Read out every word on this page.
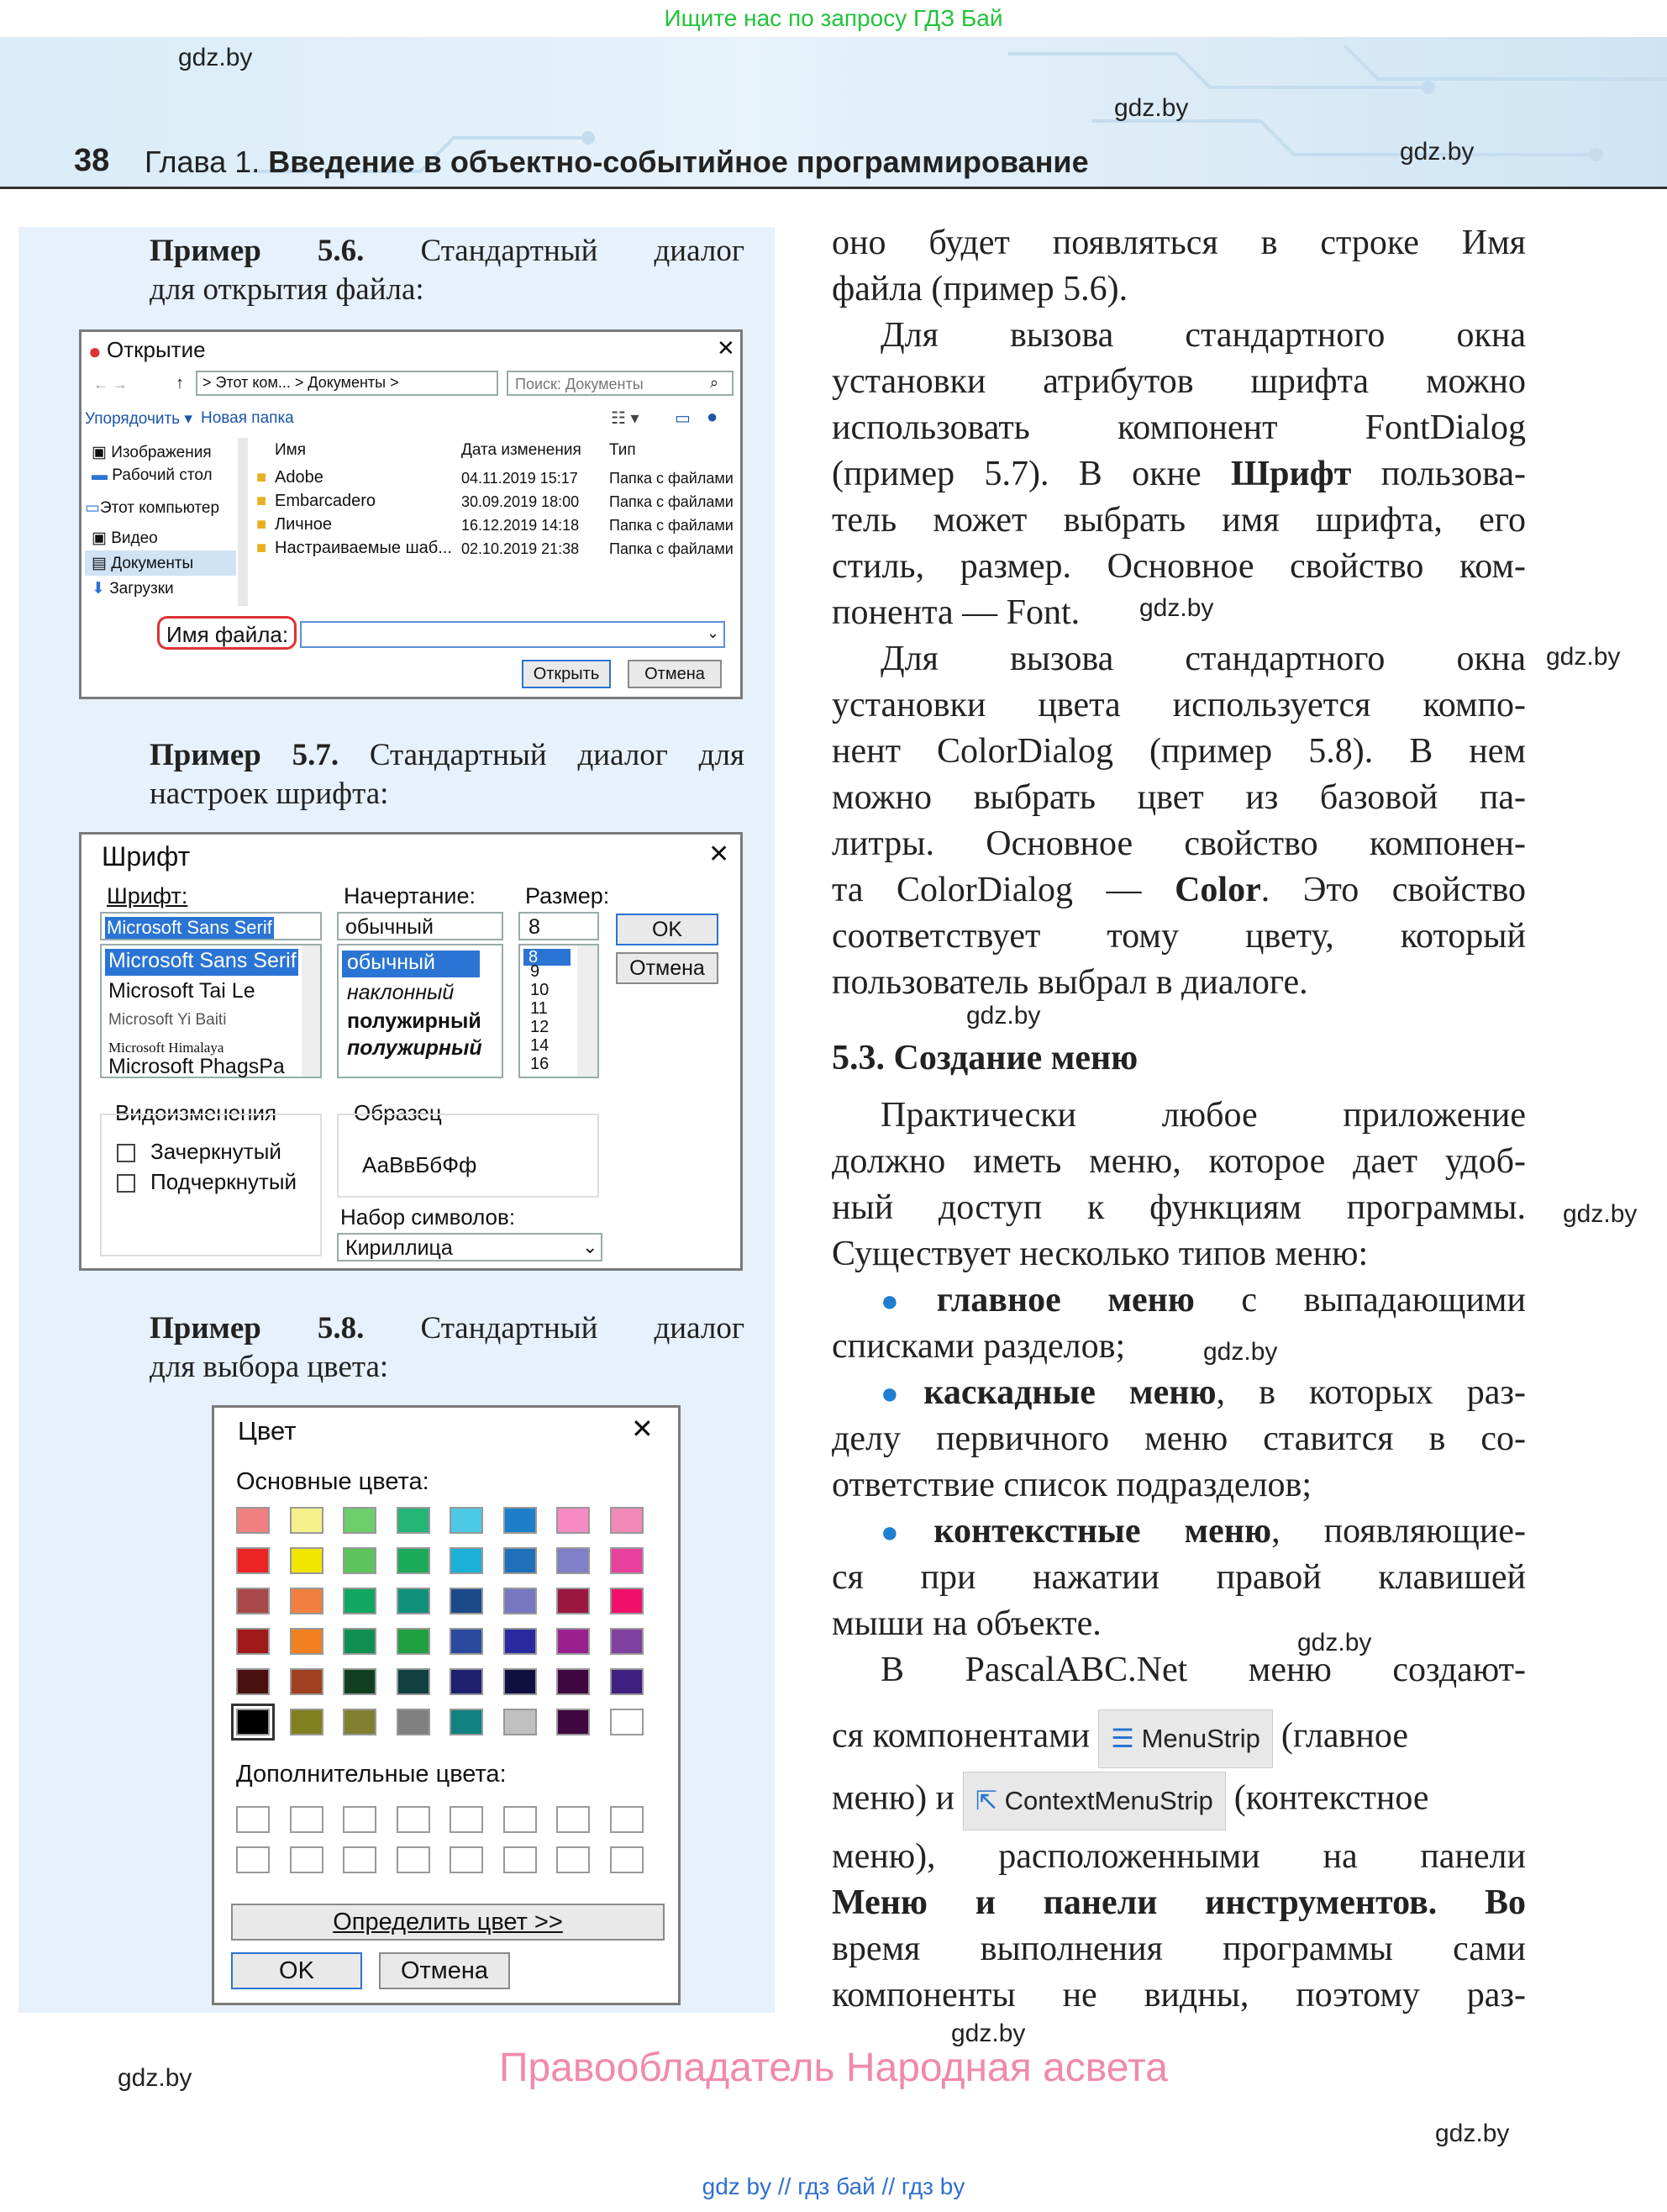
Ищите нас по запросу ГДЗ Бай
38 Глава 1. Введение в объектно-событийное программирование
gdz.by
gdz.by
gdz.by
gdz.by
gdz.by
gdz.by
gdz.by
gdz.by
gdz.by
gdz.by
gdz.by
gdz.by
Пример 5.6. Стандартный диалог
для открытия файла:
● Открытие	✕
← →	↑ > Этот ком... > Документы >	Поиск: Документы	⌕
Упорядочить ▾ Новая папка	☷ ▾ ▭ ●
▣ Изображения
▬ Рабочий стол
▭Этот компьютер
▣ Видео
▤ Документы
⬇ Загрузки
Имя	Дата изменения Тип
■ Adobe	04.11.2019 15:17 Папка с файлами
■ Embarcadero	30.09.2019 18:00 Папка с файлами
■ Личное	16.12.2019 14:18 Папка с файлами
■ Настраиваемые шаб... 02.10.2019 21:38 Папка с файлами
Имя файла:	⌄
Открыть	Отмена
Пример 5.7. Стандартный диалог для
настроек шрифта:
Шрифт	✕
Шрифт:	Начертание: Размер:
Microsoft Sans Serif
Microsoft Sans Serif
Microsoft Tai Le
Microsoft Yi Baiti
Microsoft Himalaya
Microsoft PhagsPa
обычный
обычный
наклонный
полужирный
полужирный
8
8
9
10
11
12
14
16
OK
Отмена
Видоизменения
Зачеркнутый
Подчеркнутый
Образец
АаВвБбФф
Набор символов:
Кириллица	⌄
Пример 5.8. Стандартный диалог
для выбора цвета:
Цвет	✕
Основные цвета:
Дополнительные цвета:
Определить цвет >>
OK	Отмена
оно будет появляться в строке Имя
файла (пример 5.6).
Для вызова стандартного окна
установки атрибутов шрифта можно
использовать компонент FontDialog
(пример 5.7). В окне Шрифт пользова-
тель может выбрать имя шрифта, его
стиль, размер. Основное свойство ком-
понента — Font.
Для вызова стандартного окна
установки цвета используется компо-
нент ColorDialog (пример 5.8). В нем
можно выбрать цвет из базовой па-
литры. Основное свойство компонен-
та ColorDialog — Color. Это свойство
соответствует тому цвету, который
пользователь выбрал в диалоге.
5.3. Создание меню
Практически любое приложение
должно иметь меню, которое дает удоб-
ный доступ к функциям программы.
Существует несколько типов меню:
●главное меню с выпадающими
списками разделов;
●каскадные меню, в которых раз-
делу первичного меню ставится в со-
ответствие список подразделов;
●контекстные меню, появляющие-
ся при нажатии правой клавишей
мыши на объекте.
В PascalABC.Net меню создают-
ся компонентами ☰ MenuStrip (главное
меню) и ⇱ ContextMenuStrip (контекстное
меню), расположенными на панели
Меню и панели инструментов. Во
время выполнения программы сами
компоненты не видны, поэтому раз-
Правообладатель Народная асвета
gdz by // гдз бай // гдз by
